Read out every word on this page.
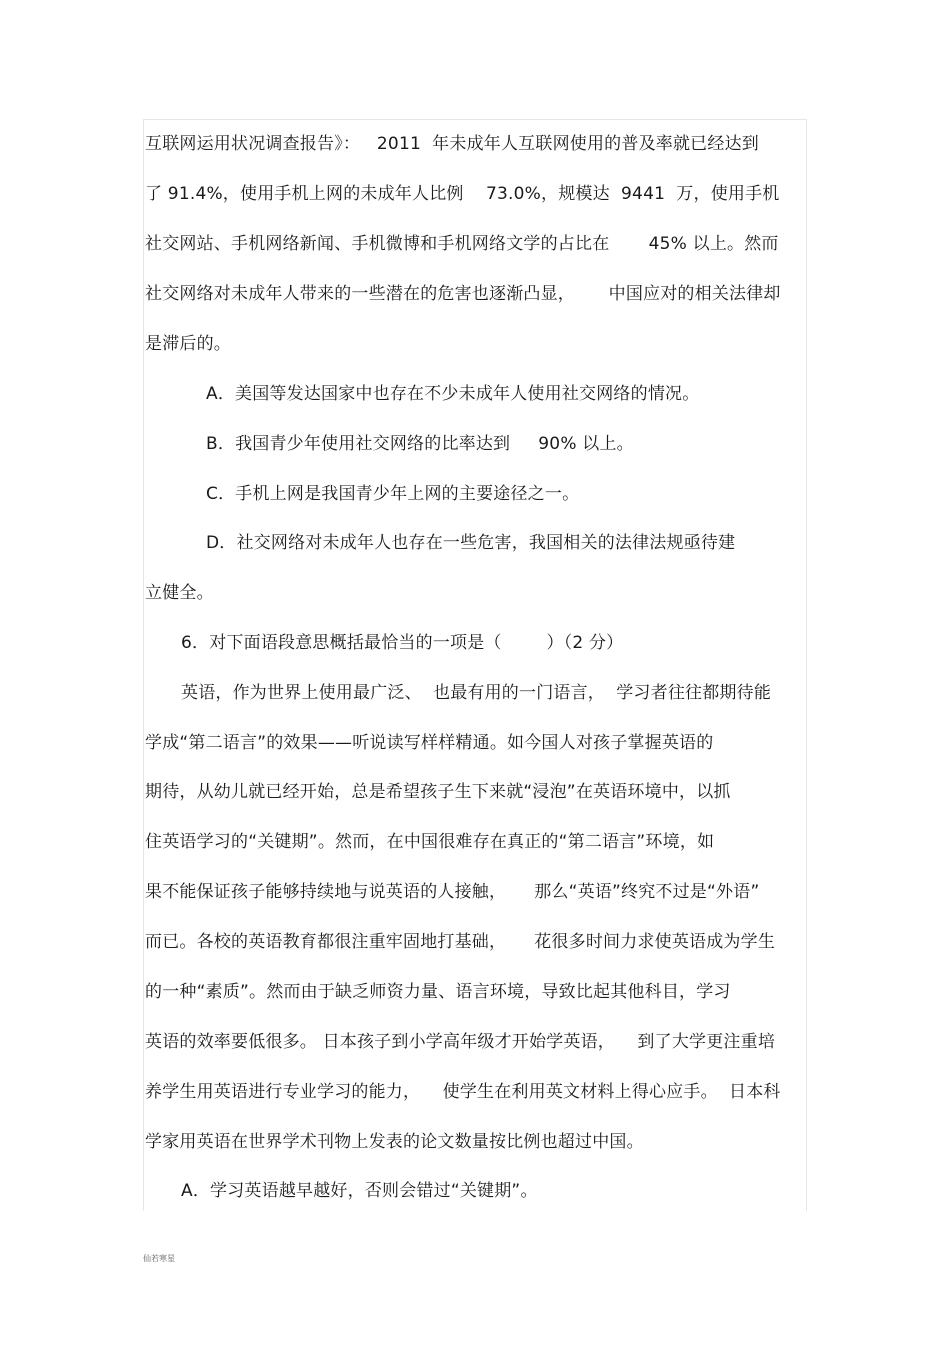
互联网运用状况调查报告》：   2011  年未成年人互联网使用的普及率就已经达到
了 91.4%，使用手机上网的未成年人比例    73.0%，规模达  9441  万，使用手机
社交网站、手机网络新闻、手机微博和手机网络文学的占比在       45% 以上。然而
社交网络对未成年人带来的一些潜在的危害也逐渐凸显，      中国应对的相关法律却
是滞后的。
A．美国等发达国家中也存在不少未成年人使用社交网络的情况。
B．我国青少年使用社交网络的比率达到     90% 以上。
C．手机上网是我国青少年上网的主要途径之一。
D．社交网络对未成年人也存在一些危害，我国相关的法律法规亟待建
立健全。
6．对下面语段意思概括最恰当的一项是（        ）（2 分）
英语，作为世界上使用最广泛、  也最有用的一门语言，  学习者往往都期待能
学成“第二语言”的效果——听说读写样样精通。如今国人对孩子掌握英语的
期待，从幼儿就已经开始，总是希望孩子生下来就“浸泡”在英语环境中，以抓
住英语学习的“关键期”。然而，在中国很难存在真正的“第二语言”环境，如
果不能保证孩子能够持续地与说英语的人接触，     那么“英语”终究不过是“外语”
而已。各校的英语教育都很注重牢固地打基础，     花很多时间力求使英语成为学生
的一种“素质”。然而由于缺乏师资力量、语言环境，导致比起其他科目，学习
英语的效率要低很多。 日本孩子到小学高年级才开始学英语，    到了大学更注重培
养学生用英语进行专业学习的能力，    使学生在利用英文材料上得心应手。  日本科
学家用英语在世界学术刊物上发表的论文数量按比例也超过中国。
A．学习英语越早越好，否则会错过“关键期”。
仙若寒星
